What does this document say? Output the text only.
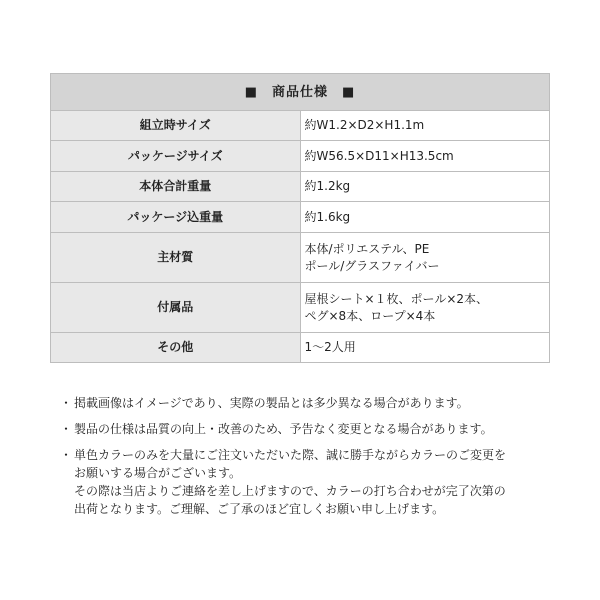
■　商品仕様　■	
組立時サイズ	約W1.2×D2×H1.1m

パッケージサイズ	約W56.5×D11×H13.5cm

本体合計重量	約1.2kg

パッケージ込重量	約1.6kg

主材質	本体/ポリエステル、PE
ポール/グラスファイバー

付属品	屋根シート×１枚、ポール×2本、
ペグ×8本、ロープ×4本

その他	1～2人用
・ 掲載画像はイメージであり、実際の製品とは多少異なる場合があります。
・ 製品の仕様は品質の向上・改善のため、予告なく変更となる場合があります。
・ 単色カラーのみを大量にご注文いただいた際、誠に勝手ながらカラーのご変更を
お願いする場合がございます。
その際は当店よりご連絡を差し上げますので、カラーの打ち合わせが完了次第の
出荷となります。ご理解、ご了承のほど宜しくお願い申し上げます。
